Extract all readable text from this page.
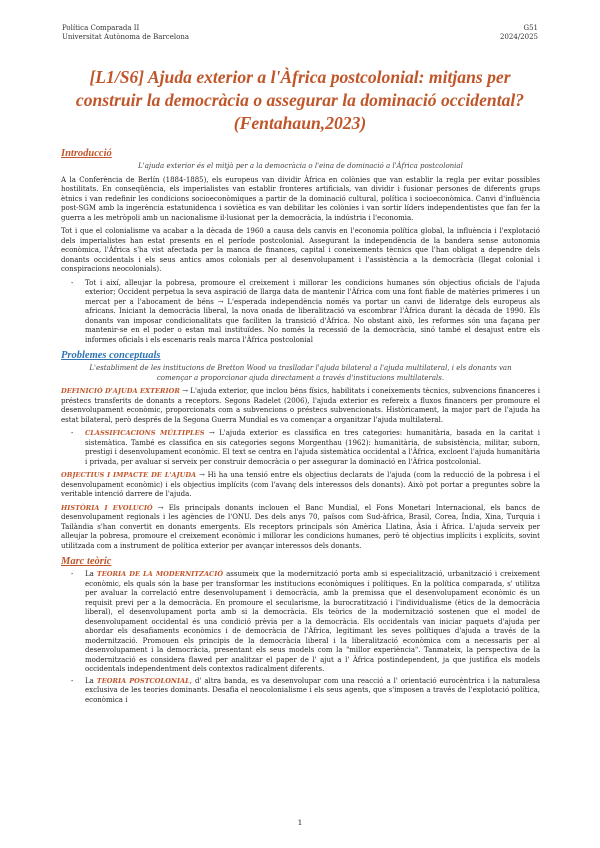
Política Comparada II
Universitat Autònoma de Barcelona
G51
2024/2025
[L1/S6] Ajuda exterior a l'Àfrica postcolonial: mitjans per construir la democràcia o assegurar la dominació occidental? (Fentahaun,2023)
Introducció
L'ajuda exterior és el mitjà per a la democràcia o l'eina de dominació a l'Àfrica postcolonial

A la Conferència de Berlín (1884-1885), els europeus van dividir Àfrica en colònies que van establir la regla per evitar possibles hostilitats. En conseqüència, els imperialistes van establir fronteres artificials, van dividir i fusionar persones de diferents grups ètnics i van redefinir les condicions socioeconòmiques a partir de la dominació cultural, política i socioeconòmica. Canvi d'influència post-SGM amb la ingerència estatunidenca i soviètica es van debilitar les colònies i van sortir líders independentistes que fan fer la guerra a les metròpoli amb un nacionalisme il·lusionat per la democràcia, la indústria i l'economia.

Tot i que el colonialisme va acabar a la dècada de 1960 a causa dels canvis en l'economia política global, la influència i l'explotació dels imperialistes han estat presents en el període postcolonial. Assegurant la independència de la bandera sense autonomia econòmica, l'Àfrica s'ha vist afectada per la manca de finances, capital i coneixements tècnics que l'han obligat a dependre dels donants occidentals i els seus antics amos colonials per al desenvolupament i l'assistència a la democràcia (llegat colonial i conspiracions neocolonials).

- Tot i així, alleujar la pobresa, promoure el creixement i millorar les condicions humanes són objectius oficials de l'ajuda exterior; Occident perpetua la seva aspiració de llarga data de mantenir l'Àfrica com una font fiable de matèries primeres i un mercat per a l'abocament de béns → L'esperada independència només va portar un canvi de lideratge dels europeus als africans. Iniciant la democràcia liberal, la nova onada de liberalització va escombrar l'Àfrica durant la dècada de 1990. Els donants van imposar condicionalitats que faciliten la transició d'Àfrica. No obstant això, les reformes són una façana per mantenir-se en el poder o estan mal instituïdes. No només la recessió de la democràcia, sinó també el desajust entre els informes oficials i els escenaris reals marca l'Àfrica postcolonial
Problemes conceptuals
L'establiment de les institucions de Bretton Wood va traslladar l'ajuda bilateral a l'ajuda multilateral, i els donants van començar a proporcionar ajuda directament a través d'institucions multilaterals.

DEFINICIÓ D'AJUDA EXTERIOR → L'ajuda exterior, que inclou béns físics, habilitats i coneixements tècnics, subvencions financeres i préstecs transferits de donants a receptors. Segons Radelet (2006), l'ajuda exterior es refereix a fluxos financers per promoure el desenvolupament econòmic, proporcionats com a subvencions o préstecs subvencionats. Històricament, la major part de l'ajuda ha estat bilateral, però després de la Segona Guerra Mundial es va començar a organitzar l'ajuda multilateral.

- CLASSIFICACIONS MÚLTIPLES → L'ajuda exterior es classifica en tres categories: humanitària, basada en la caritat i sistemàtica. També es classifica en sis categories segons Morgenthau (1962): humanitària, de subsistència, militar, suborn, prestigi i desenvolupament econòmic. El text se centra en l'ajuda sistemàtica occidental a l'Àfrica, excloent l'ajuda humanitària i privada, per avaluar si serveix per construir democràcia o per assegurar la dominació en l'Àfrica postcolonial.

OBJECTIUS I IMPACTE DE L'AJUDA → Hi ha una tensió entre els objectius declarats de l'ajuda (com la reducció de la pobresa i el desenvolupament econòmic) i els objectius implícits (com l'avanç dels interessos dels donants). Això pot portar a preguntes sobre la veritable intenció darrere de l'ajuda.

HISTÒRIA I EVOLUCIÓ → Els principals donants inclouen el Banc Mundial, el Fons Monetari Internacional, els bancs de desenvolupament regionals i les agències de l'ONU. Des dels anys 70, països com Sud-àfrica, Brasil, Corea, Índia, Xina, Turquia i Tailàndia s'han convertit en donants emergents. Els receptors principals són Amèrica Llatina, Àsia i Àfrica. L'ajuda serveix per alleujar la pobresa, promoure el creixement econòmic i millorar les condicions humanes, però té objectius implícits i explícits, sovint utilitzada com a instrument de política exterior per avançar interessos dels donants.

Marc teòric
- La TEORIA DE LA MODERNITZACIÓ assumeix que la modernització porta amb si especialització, urbanització i creixement econòmic, els quals són la base per transformar les institucions econòmiques i polítiques. En la política comparada, s' utilitza per avaluar la correlació entre desenvolupament i democràcia, amb la premissa que el desenvolupament econòmic és un requisit previ per a la democràcia. En promoure el secularisme, la burocratització i l'individualisme (ètics de la democràcia liberal), el desenvolupament porta amb si la democràcia. Els teòrics de la modernització sostenen que el model de desenvolupament occidental és una condició prèvia per a la democràcia. Els occidentals van iniciar paquets d'ajuda per abordar els desafiaments econòmics i de democràcia de l'Àfrica, legitimant les seves polítiques d'ajuda a través de la modernització. Promouen els principis de la democràcia liberal i la liberalització econòmica com a necessaris per al desenvolupament i la democràcia, presentant els seus models com la "millor experiència". Tanmateix, la perspectiva de la modernització es considera flawed per analitzar el paper de l' ajut a l' Àfrica postindependent, ja que justifica els models occidentals independentment dels contextos radicalment diferents.
- La TEORIA POSTCOLONIAL, d' altra banda, es va desenvolupar com una reacció a l' orientació eurocèntrica i la naturalesa exclusiva de les teories dominants. Desafia el neocolonialisme i els seus agents, que s'imposen a través de l'explotació política, econòmica i
1
